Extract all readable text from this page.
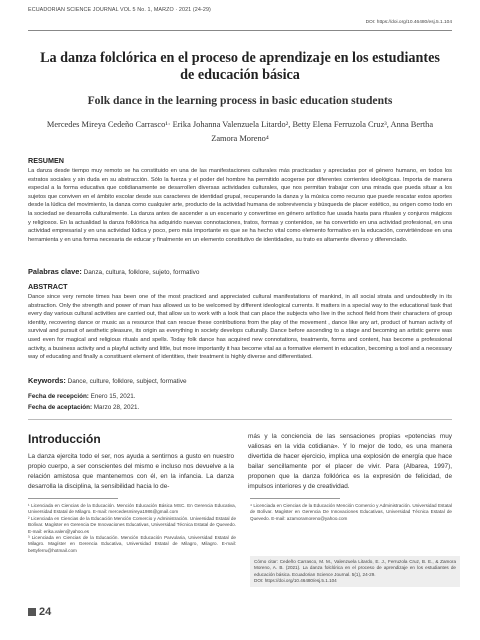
ECUADORIAN SCIENCE JOURNAL VOL 5 No. 1, MARZO · 2021 (24-29)
DOI: https://doi.org/10.46480/esj.5.1.104
La danza folclórica en el proceso de aprendizaje en los estudiantes de educación básica
Folk dance in the learning process in basic education students
Mercedes Mireya Cedeño Carrasco¹· Erika Johanna Valenzuela Litardo², Betty Elena Ferruzola Cruz³, Anna Bertha Zamora Moreno⁴
RESUMEN

La danza desde tiempo muy remoto se ha constituido en una de las manifestaciones culturales más practicadas y apreciadas por el género humano, en todos los estratos sociales y sin duda en su abstracción. Sólo la fuerza y el poder del hombre ha permitido acogerse por diferentes corrientes ideológicas. Importa de manera especial a la forma educativa que cotidianamente se desarrollen diversas actividades culturales, que nos permitan trabajar con una mirada que pueda situar a los sujetos que conviven en el ámbito escolar desde sus caracteres de identidad grupal, recuperando la danza y la música como recurso que puede rescatar estos aportes desde la lúdica del movimiento, la danza como cualquier arte, producto de la actividad humana de sobrevivencia y búsqueda de placer estético, su origen como todo en la sociedad se desarrolla culturalmente. La danza antes de ascender a un escenario y convertirse en género artístico fue usada hasta para rituales y conjuros mágicos y religiosos. En la actualidad la danza folklórica ha adquirido nuevas connotaciones, tratos, formas y contenidos, se ha convertido en una actividad profesional, en una actividad empresarial y en una actividad lúdica y poco, pero más importante es que se ha hecho vital como elemento formativo en la educación, convirtiéndose en una herramienta y en una forma necesaria de educar y finalmente en un elemento constitutivo de identidades, su trato es altamente diverso y diferenciado.

Palabras clave: Danza, cultura, folklore, sujeto, formativo
ABSTRACT

Dance since very remote times has been one of the most practiced and appreciated cultural manifestations of mankind, in all social strata and undoubtedly in its abstraction. Only the strength and power of man has allowed us to be welcomed by different ideological currents. It matters in a special way to the educational task that every day various cultural activities are carried out, that allow us to work with a look that can place the subjects who live in the school field from their characters of group identity, recovering dance or music as a resource that can rescue these contributions from the play of the movement , dance like any art, product of human activity of survival and pursuit of aesthetic pleasure, its origin as everything in society develops culturally. Dance before ascending to a stage and becoming an artistic genre was used even for magical and religious rituals and spells. Today folk dance has acquired new connotations, treatments, forms and content, has become a professional activity, a business activity and a playful activity and little, but more importantly it has become vital as a formative element in education, becoming a tool and a necessary way of educating and finally a constituent element of identities, their treatment is highly diverse and differentiated.

Keywords: Dance, culture, folklore, subject, formative
Fecha de recepción: Enero 15, 2021.
Fecha de aceptación: Marzo 28, 2021.
Introducción

La danza ejercita todo el ser, nos ayuda a sentirnos a gusto en nuestro propio cuerpo, a ser conscientes del mismo e incluso nos devuelve a la relación amistosa que mantenemos con él, en la infancia. La danza desarrolla la disciplina, la sensibilidad hacia lo de-

más y la conciencia de las sensaciones propias «potencias muy valiosas en la vida cotidiana». Y lo mejor de todo, es una manera divertida de hacer ejercicio, implica una explosión de energía que hace bailar sencillamente por el placer de vivir. Para (Albarea, 1997), proponen que la danza folklórica es la expresión de felicidad, de impulsos interiores y de creatividad.

¹ Licenciada en Ciencias de la Educación. Mención Educación Básica MSC. En Gerencia Educativa, Universidad Estatal de Milagro. E-mail: mercedesmireya1986@gmail.com

² Licenciada en Ciencias de la Educación Mención Comercio y Administración. Universidad Estatal de Bolívar. Magíster en Gerencia De Innovaciones Educativas, Universidad Técnica Estatal de Quevedo. E-mail: erika.valen@yahoo.es

³ Licenciada en Ciencias de la Educación. Mención Educación Parvularia, Universidad Estatal de Milagro. Magíster en Gerencia Educativa, Universidad Estatal de Milagro, Milagro. E-mail: bettyferru@hotmail.com

⁴ Licenciada en Ciencias de la Educación Mención Comercio y Administración. Universidad Estatal de Bolívar. Magíster en Gerencia De Innovaciones Educativas, Universidad Técnica Estatal de Quevedo. E-mail: azamoramoreno@yahoo.com

Cómo citar: Cedeño Carrasco, M. M., Valenzuela Litardo, E. J., Ferruzola Cruz, B. E., & Zamora Moreno, A. B. (2021). La danza folclórica en el proceso de aprendizaje en los estudiantes de educación básica. Ecuadorian Science Journal. 5(1), 24-29.

DOI: https://doi.org/10.46480/esj.5.1.104

24
